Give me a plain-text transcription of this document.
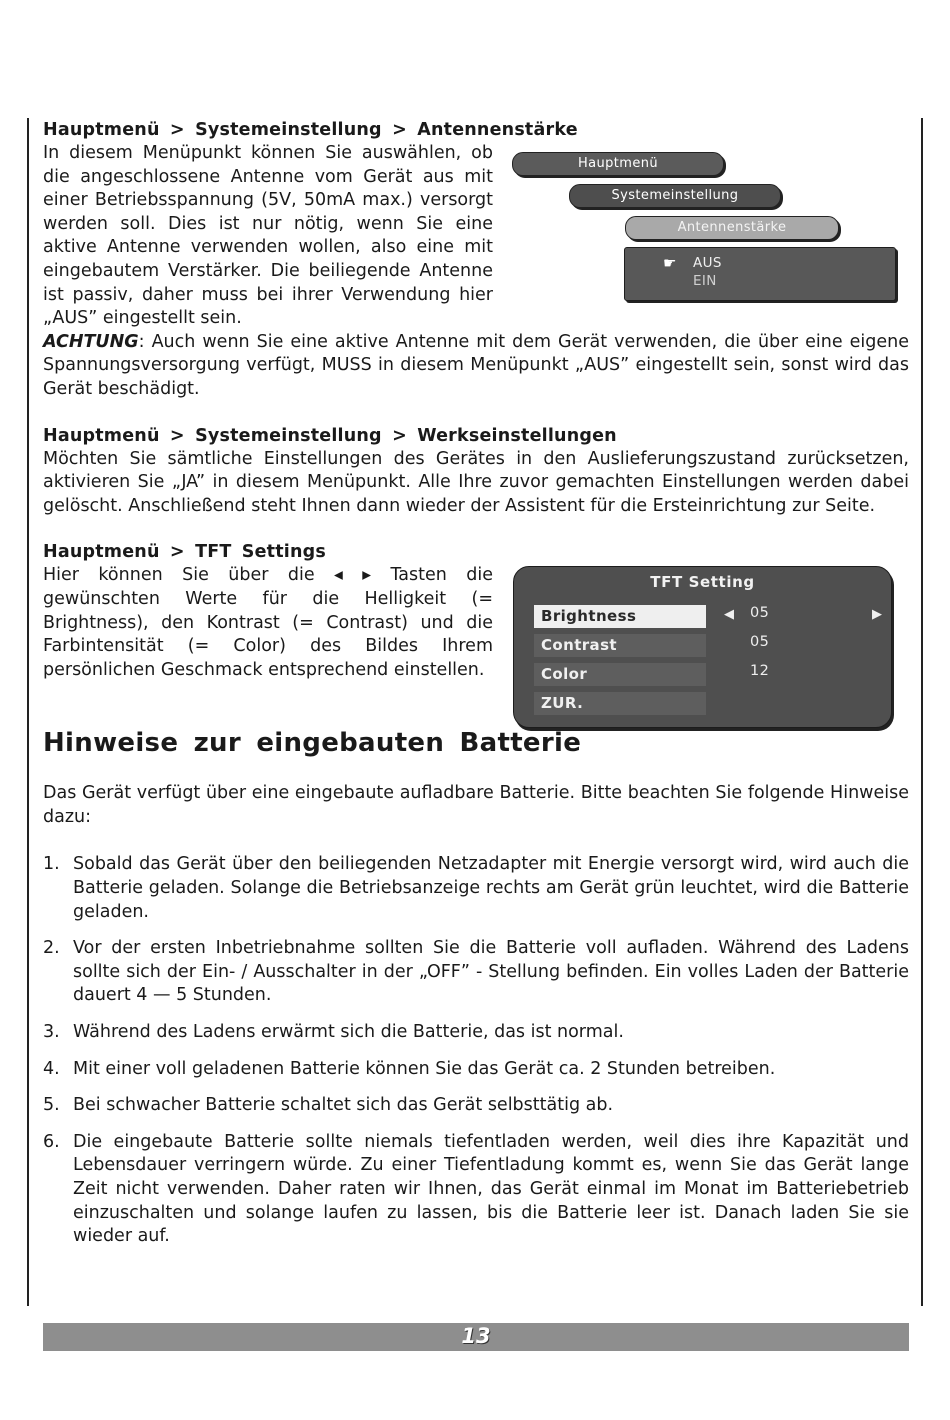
Hauptmenü > Systemeinstellung > Antennenstärke

In diesem Menüpunkt können Sie auswählen, ob die angeschlossene Antenne vom Gerät aus mit einer Betriebsspannung (5V, 50mA max.) versorgt werden soll. Dies ist nur nötig, wenn Sie eine aktive Antenne verwenden wollen, also eine mit eingebautem Verstärker. Die beiliegende Antenne ist passiv, daher muss bei ihrer Verwendung hier „AUS” eingestellt sein.

ACHTUNG: Auch wenn Sie eine aktive Antenne mit dem Gerät verwenden, die über eine eigene Spannungsversorgung verfügt, MUSS in diesem Menüpunkt „AUS” eingestellt sein, sonst wird das Gerät beschädigt.

Hauptmenü > Systemeinstellung > Werkseinstellungen

Möchten Sie sämtliche Einstellungen des Gerätes in den Auslieferungszustand zurücksetzen, aktivieren Sie „JA” in diesem Menüpunkt. Alle Ihre zuvor gemachten Einstellungen werden dabei gelöscht. Anschließend steht Ihnen dann wieder der Assistent für die Ersteinrichtung zur Seite.

Hauptmenü > TFT Settings

Hier können Sie über die ◂ ▸ Tasten die gewünschten Werte für die Helligkeit (= Brightness), den Kontrast (= Contrast) und die Farbintensität (= Color) des Bildes Ihrem persönlichen Geschmack entsprechend einstellen.

Hinweise zur eingebauten Batterie

Das Gerät verfügt über eine eingebaute aufladbare Batterie. Bitte beachten Sie folgende Hinweise dazu:

1. Sobald das Gerät über den beiliegenden Netzadapter mit Energie versorgt wird, wird auch die Batterie geladen. Solange die Betriebsanzeige rechts am Gerät grün leuchtet, wird die Batterie geladen.
2. Vor der ersten Inbetriebnahme sollten Sie die Batterie voll aufladen. Während des Ladens sollte sich der Ein- / Ausschalter in der „OFF” - Stellung befinden. Ein volles Laden der Batterie dauert 4 — 5 Stunden.
3. Während des Ladens erwärmt sich die Batterie, das ist normal.
4. Mit einer voll geladenen Batterie können Sie das Gerät ca. 2 Stunden betreiben.
5. Bei schwacher Batterie schaltet sich das Gerät selbsttätig ab.
6. Die eingebaute Batterie sollte niemals tiefentladen werden, weil dies ihre Kapazität und Lebensdauer verringern würde. Zu einer Tiefentladung kommt es, wenn Sie das Gerät lange Zeit nicht verwenden. Daher raten wir Ihnen, das Gerät einmal im Monat im Batteriebetrieb einzuschalten und solange laufen zu lassen, bis die Batterie leer ist. Danach laden Sie sie wieder auf.
Hauptmenü
Systemeinstellung
Antennenstärke
☛ AUS
EIN
TFT Setting
Brightness
Contrast
Color
ZUR.
◀ 05
05
12
▶
13
